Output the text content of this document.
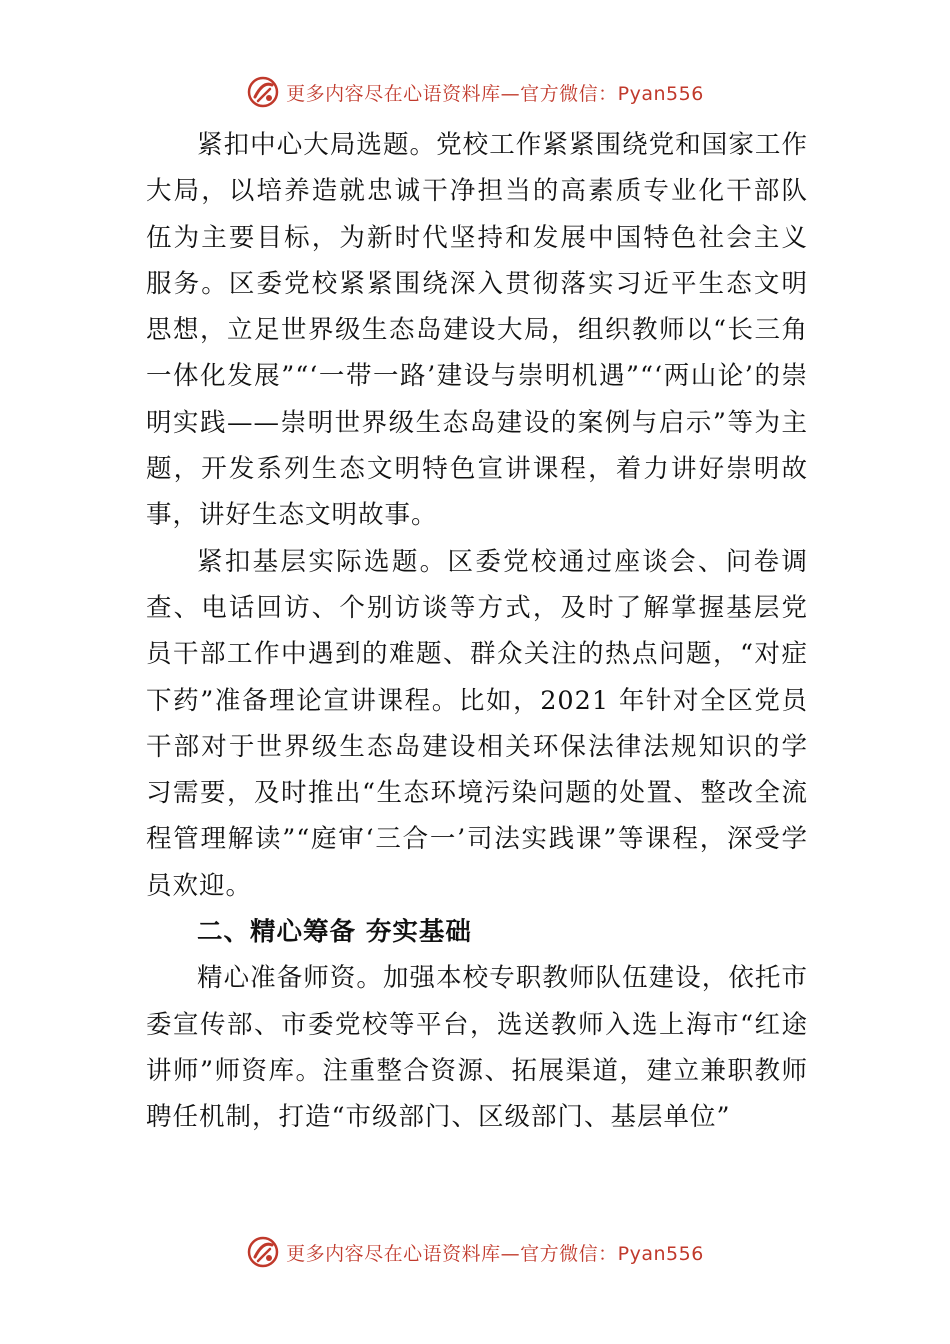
更多内容尽在心语资料库—官方微信：Pyan556

紧扣中心大局选题。党校工作紧紧围绕党和国家工作大局，以培养造就忠诚干净担当的高素质专业化干部队伍为主要目标，为新时代坚持和发展中国特色社会主义服务。区委党校紧紧围绕深入贯彻落实习近平生态文明思想，立足世界级生态岛建设大局，组织教师以“长三角一体化发展”“‘一带一路’建设与崇明机遇”“‘两山论’的崇明实践——崇明世界级生态岛建设的案例与启示”等为主题，开发系列生态文明特色宣讲课程，着力讲好崇明故事，讲好生态文明故事。

紧扣基层实际选题。区委党校通过座谈会、问卷调查、电话回访、个别访谈等方式，及时了解掌握基层党员干部工作中遇到的难题、群众关注的热点问题，“对症下药”准备理论宣讲课程。比如，2021 年针对全区党员干部对于世界级生态岛建设相关环保法律法规知识的学习需要，及时推出“生态环境污染问题的处置、整改全流程管理解读”“庭审‘三合一’司法实践课”等课程，深受学员欢迎。

二、精心筹备 夯实基础

精心准备师资。加强本校专职教师队伍建设，依托市委宣传部、市委党校等平台，选送教师入选上海市“红途讲师”师资库。注重整合资源、拓展渠道，建立兼职教师聘任机制，打造“市级部门、区级部门、基层单位”

更多内容尽在心语资料库—官方微信：Pyan556
